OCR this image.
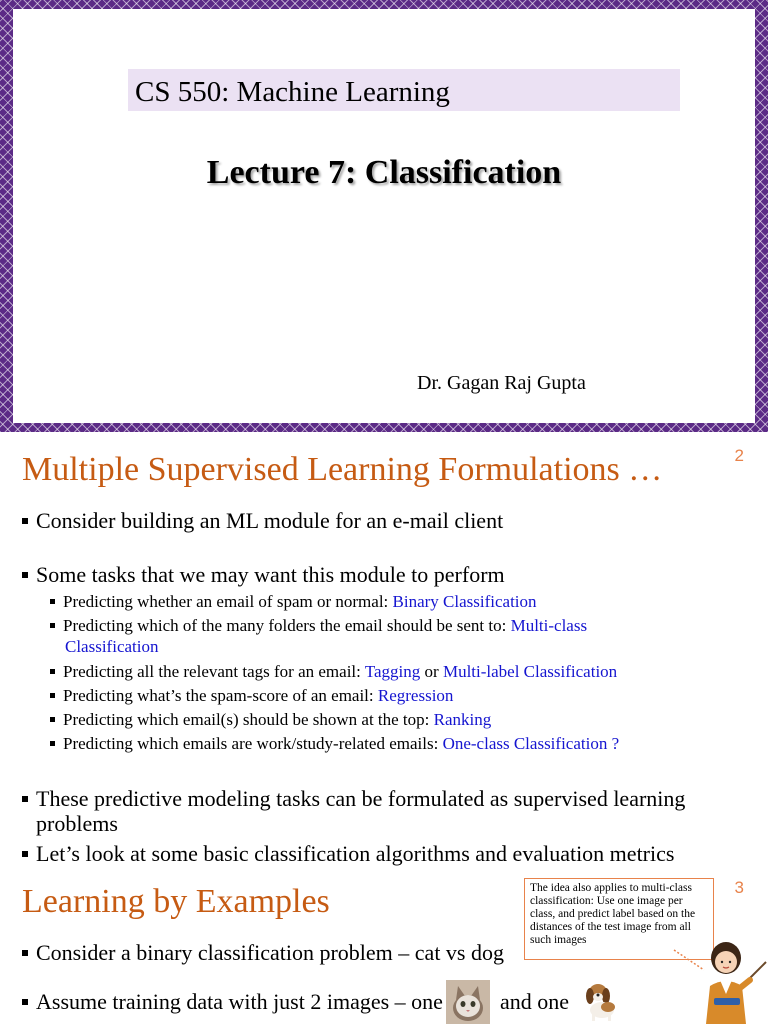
CS 550: Machine Learning
Lecture 7: Classification
Dr. Gagan Raj Gupta
2
Multiple Supervised Learning Formulations …
Consider building an ML module for an e-mail client
Some tasks that we may want this module to perform
Predicting whether an email of spam or normal: Binary Classification
Predicting which of the many folders the email should be sent to: Multi-class Classification
Predicting all the relevant tags for an email: Tagging or Multi-label Classification
Predicting what’s the spam-score of an email: Regression
Predicting which email(s) should be shown at the top: Ranking
Predicting which emails are work/study-related emails: One-class Classification ?
These predictive modeling tasks can be formulated as supervised learning problems
Let’s look at some basic classification algorithms and evaluation metrics
3
Learning by Examples	The idea also applies to multi-class classification: Use one image per class, and predict label based on the distances of the test image from all such images
Consider a binary classification problem – cat vs dog
Assume training data with just 2 images – one	and one
